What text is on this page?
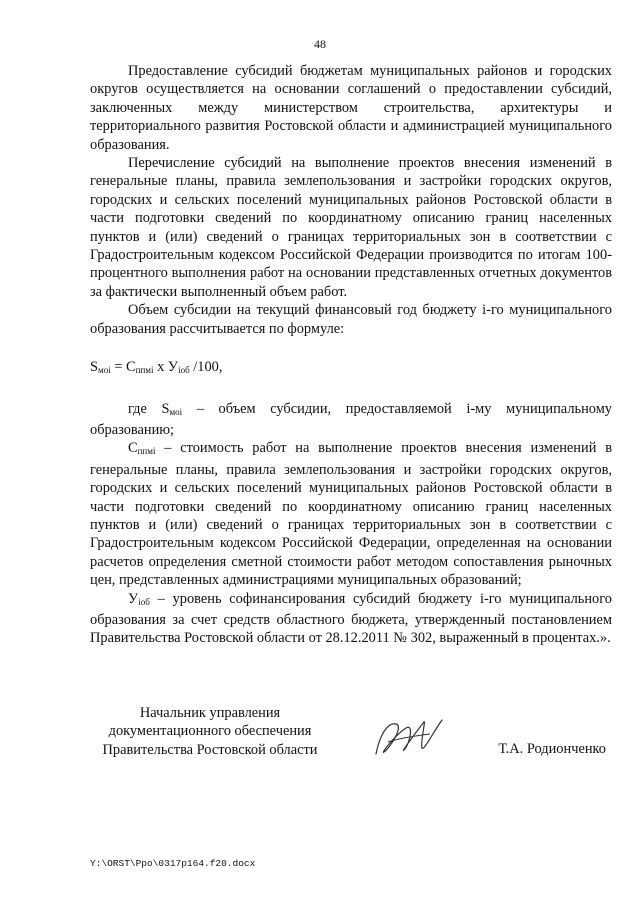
48

Предоставление субсидий бюджетам муниципальных районов и городских округов осуществляется на основании соглашений о предоставлении субсидий, заключенных между министерством строительства, архитектуры и территориального развития Ростовской области и администрацией муниципального образования.

Перечисление субсидий на выполнение проектов внесения изменений в генеральные планы, правила землепользования и застройки городских округов, городских и сельских поселений муниципальных районов Ростовской области в части подготовки сведений по координатному описанию границ населенных пунктов и (или) сведений о границах территориальных зон в соответствии с Градостроительным кодексом Российской Федерации производится по итогам 100-процентного выполнения работ на основании представленных отчетных документов за фактически выполненный объем работ.

Объем субсидии на текущий финансовый год бюджету i-го муниципального образования рассчитывается по формуле:

$S_{мoi} = C_{ппмi}$ x $У_{iоб}$ /100,

где $S_{мoi}$ – объем субсидии, предоставляемой i-му муниципальному образованию;

$C_{ппмi}$ – стоимость работ на выполнение проектов внесения изменений в генеральные планы, правила землепользования и застройки городских округов, городских и сельских поселений муниципальных районов Ростовской области в части подготовки сведений по координатному описанию границ населенных пунктов и (или) сведений о границах территориальных зон в соответствии с Градостроительным кодексом Российской Федерации, определенная на основании расчетов определения сметной стоимости работ методом сопоставления рыночных цен, представленных администрациями муниципальных образований;

$У_{iоб}$ – уровень софинансирования субсидий бюджету i-го муниципального образования за счет средств областного бюджета, утвержденный постановлением Правительства Ростовской области от 28.12.2011 № 302, выраженный в процентах.».

Начальник управления
документационного обеспечения
Правительства Ростовской области	Т.А. Родионченко
Y:\ORST\Ppo\0317p164.f20.docx
